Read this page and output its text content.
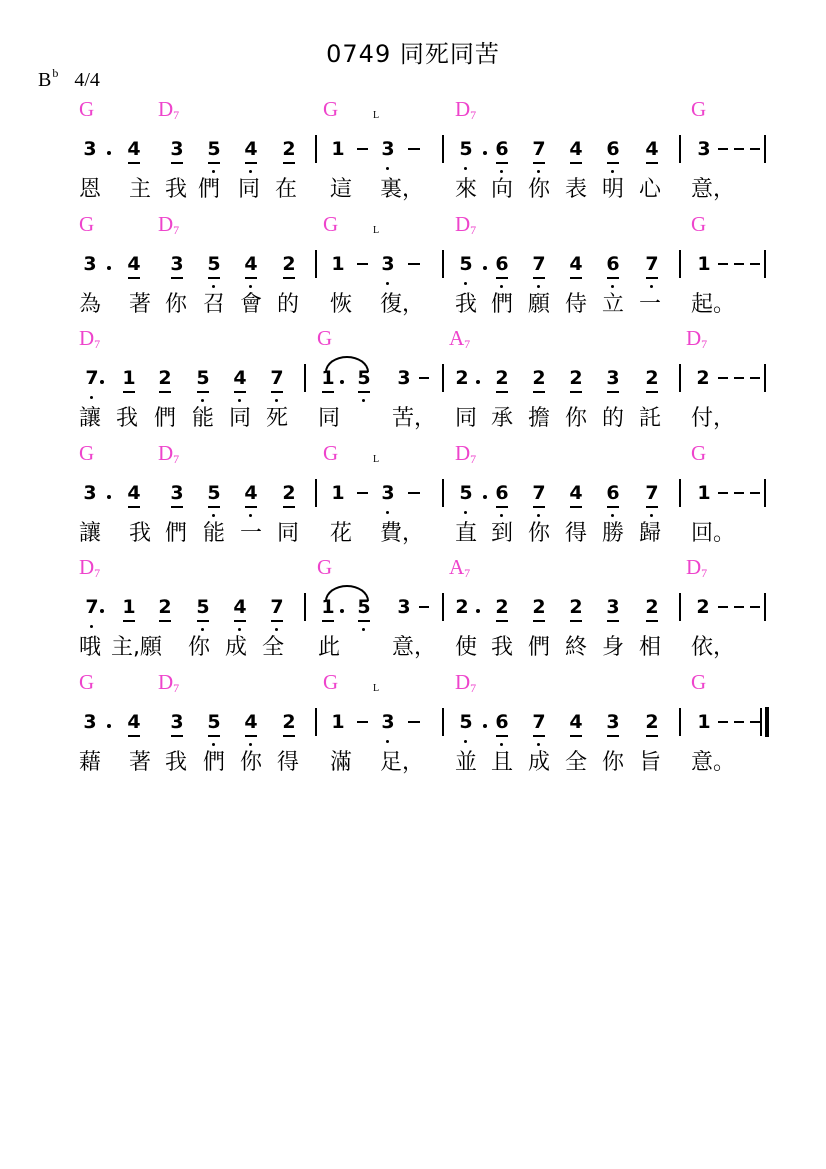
0749 同死同苦
$B^b$ 4/4
G	$D_7$	G	$D_7$	G
L
3 4 3 5 4 2 1 3	5 6 7 4 6 4 3
恩 主 我 們 同 在 這 裏， 來 向 你 表 明 心 意，
G	$D_7$	G	$D_7$	G
L
3 4 3 5 4 2 1 3	5 6 7 4 6 7 1
為 著 你 召 會 的 恢 復， 我 們 願 侍 立 一 起。
$D_7$	G	$A_7$	$D_7$
7 1 2 5 4 7 1 5 3 2 2 2 2 3 2 2
讓 我 們 能 同 死 同 苦， 同 承 擔 你 的 託 付，
G	$D_7$	G	$D_7$	G
L
3 4 3 5 4 2 1 3	5 6 7 4 6 7 1
讓 我 們 能 一 同 花 費， 直 到 你 得 勝 歸 回。
$D_7$	G	$A_7$	$D_7$
7 1 2 5 4 7 1 5 3 2 2 2 2 3 2 2
哦 主,願 你 成 全 此 意， 使 我 們 終 身 相 依，
G	$D_7$	G	$D_7$	G
L
3 4 3 5 4 2 1 3	5 6 7 4 3 2 1
藉 著 我 們 你 得 滿 足， 並 且 成 全 你 旨 意。
